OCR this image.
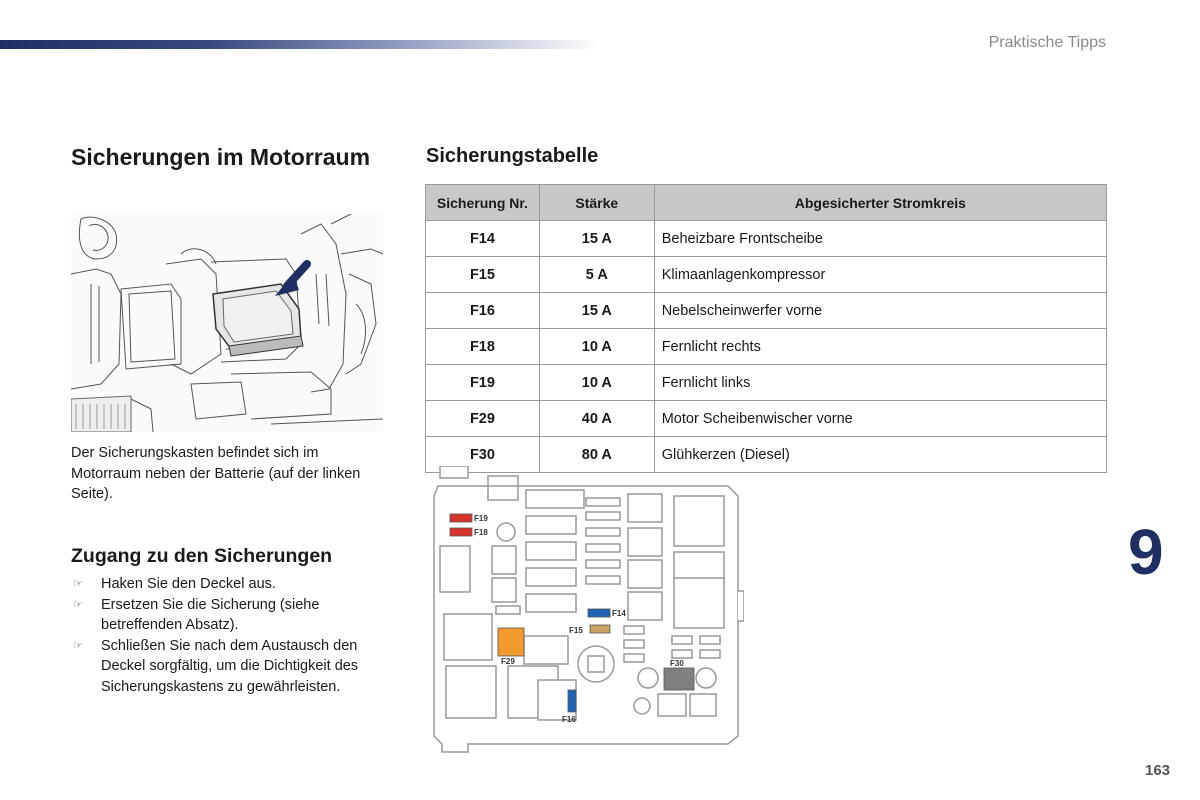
Praktische Tipps
Sicherungen im Motorraum	Sicherungstabelle

Der Sicherungskasten befindet sich im Motorraum neben der Batterie (auf der linken Seite).

Zugang zu den Sicherungen
☞ Haken Sie den Deckel aus.
☞ Ersetzen Sie die Sicherung (siehe betreffenden Absatz).
☞ Schließen Sie nach dem Austausch den Deckel sorgfältig, um die Dichtigkeit des Sicherungskastens zu gewährleisten.
Sicherung Nr.	Stärke	Abgesicherter Stromkreis
F14	15 A	Beheizbare Frontscheibe
F15	5 A	Klimaanlagenkompressor
F16	15 A	Nebelscheinwerfer vorne
F18	10 A	Fernlicht rechts
F19	10 A	Fernlicht links
F29	40 A	Motor Scheibenwischer vorne
F30	80 A	Glühkerzen (Diesel)
F19
F18
F14
F15
F29	F30
F16
9
163
